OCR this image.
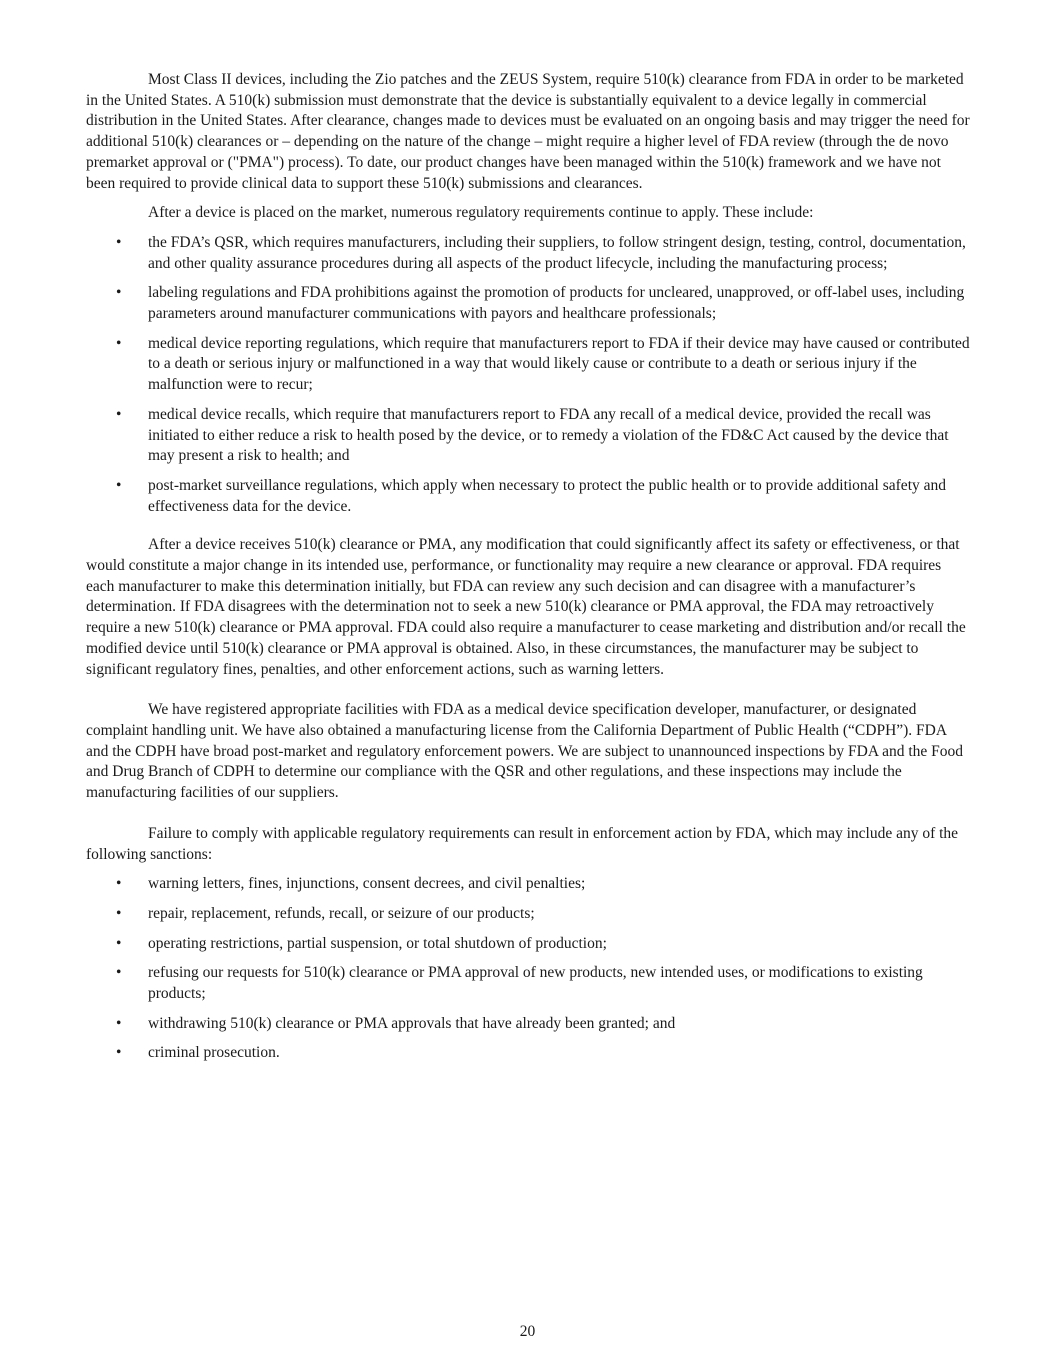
Most Class II devices, including the Zio patches and the ZEUS System, require 510(k) clearance from FDA in order to be marketed in the United States. A 510(k) submission must demonstrate that the device is substantially equivalent to a device legally in commercial distribution in the United States. After clearance, changes made to devices must be evaluated on an ongoing basis and may trigger the need for additional 510(k) clearances or – depending on the nature of the change – might require a higher level of FDA review (through the de novo premarket approval or ("PMA") process). To date, our product changes have been managed within the 510(k) framework and we have not been required to provide clinical data to support these 510(k) submissions and clearances.

After a device is placed on the market, numerous regulatory requirements continue to apply. These include:

• the FDA’s QSR, which requires manufacturers, including their suppliers, to follow stringent design, testing, control, documentation, and other quality assurance procedures during all aspects of the product lifecycle, including the manufacturing process;
• labeling regulations and FDA prohibitions against the promotion of products for uncleared, unapproved, or off-label uses, including parameters around manufacturer communications with payors and healthcare professionals;
• medical device reporting regulations, which require that manufacturers report to FDA if their device may have caused or contributed to a death or serious injury or malfunctioned in a way that would likely cause or contribute to a death or serious injury if the malfunction were to recur;
• medical device recalls, which require that manufacturers report to FDA any recall of a medical device, provided the recall was initiated to either reduce a risk to health posed by the device, or to remedy a violation of the FD&C Act caused by the device that may present a risk to health; and
• post-market surveillance regulations, which apply when necessary to protect the public health or to provide additional safety and effectiveness data for the device.

After a device receives 510(k) clearance or PMA, any modification that could significantly affect its safety or effectiveness, or that would constitute a major change in its intended use, performance, or functionality may require a new clearance or approval. FDA requires each manufacturer to make this determination initially, but FDA can review any such decision and can disagree with a manufacturer’s determination. If FDA disagrees with the determination not to seek a new 510(k) clearance or PMA approval, the FDA may retroactively require a new 510(k) clearance or PMA approval. FDA could also require a manufacturer to cease marketing and distribution and/or recall the modified device until 510(k) clearance or PMA approval is obtained. Also, in these circumstances, the manufacturer may be subject to significant regulatory fines, penalties, and other enforcement actions, such as warning letters.

We have registered appropriate facilities with FDA as a medical device specification developer, manufacturer, or designated complaint handling unit. We have also obtained a manufacturing license from the California Department of Public Health (“CDPH”). FDA and the CDPH have broad post-market and regulatory enforcement powers. We are subject to unannounced inspections by FDA and the Food and Drug Branch of CDPH to determine our compliance with the QSR and other regulations, and these inspections may include the manufacturing facilities of our suppliers.

Failure to comply with applicable regulatory requirements can result in enforcement action by FDA, which may include any of the following sanctions:

• warning letters, fines, injunctions, consent decrees, and civil penalties;
• repair, replacement, refunds, recall, or seizure of our products;
• operating restrictions, partial suspension, or total shutdown of production;
• refusing our requests for 510(k) clearance or PMA approval of new products, new intended uses, or modifications to existing products;
• withdrawing 510(k) clearance or PMA approvals that have already been granted; and
• criminal prosecution.
20
